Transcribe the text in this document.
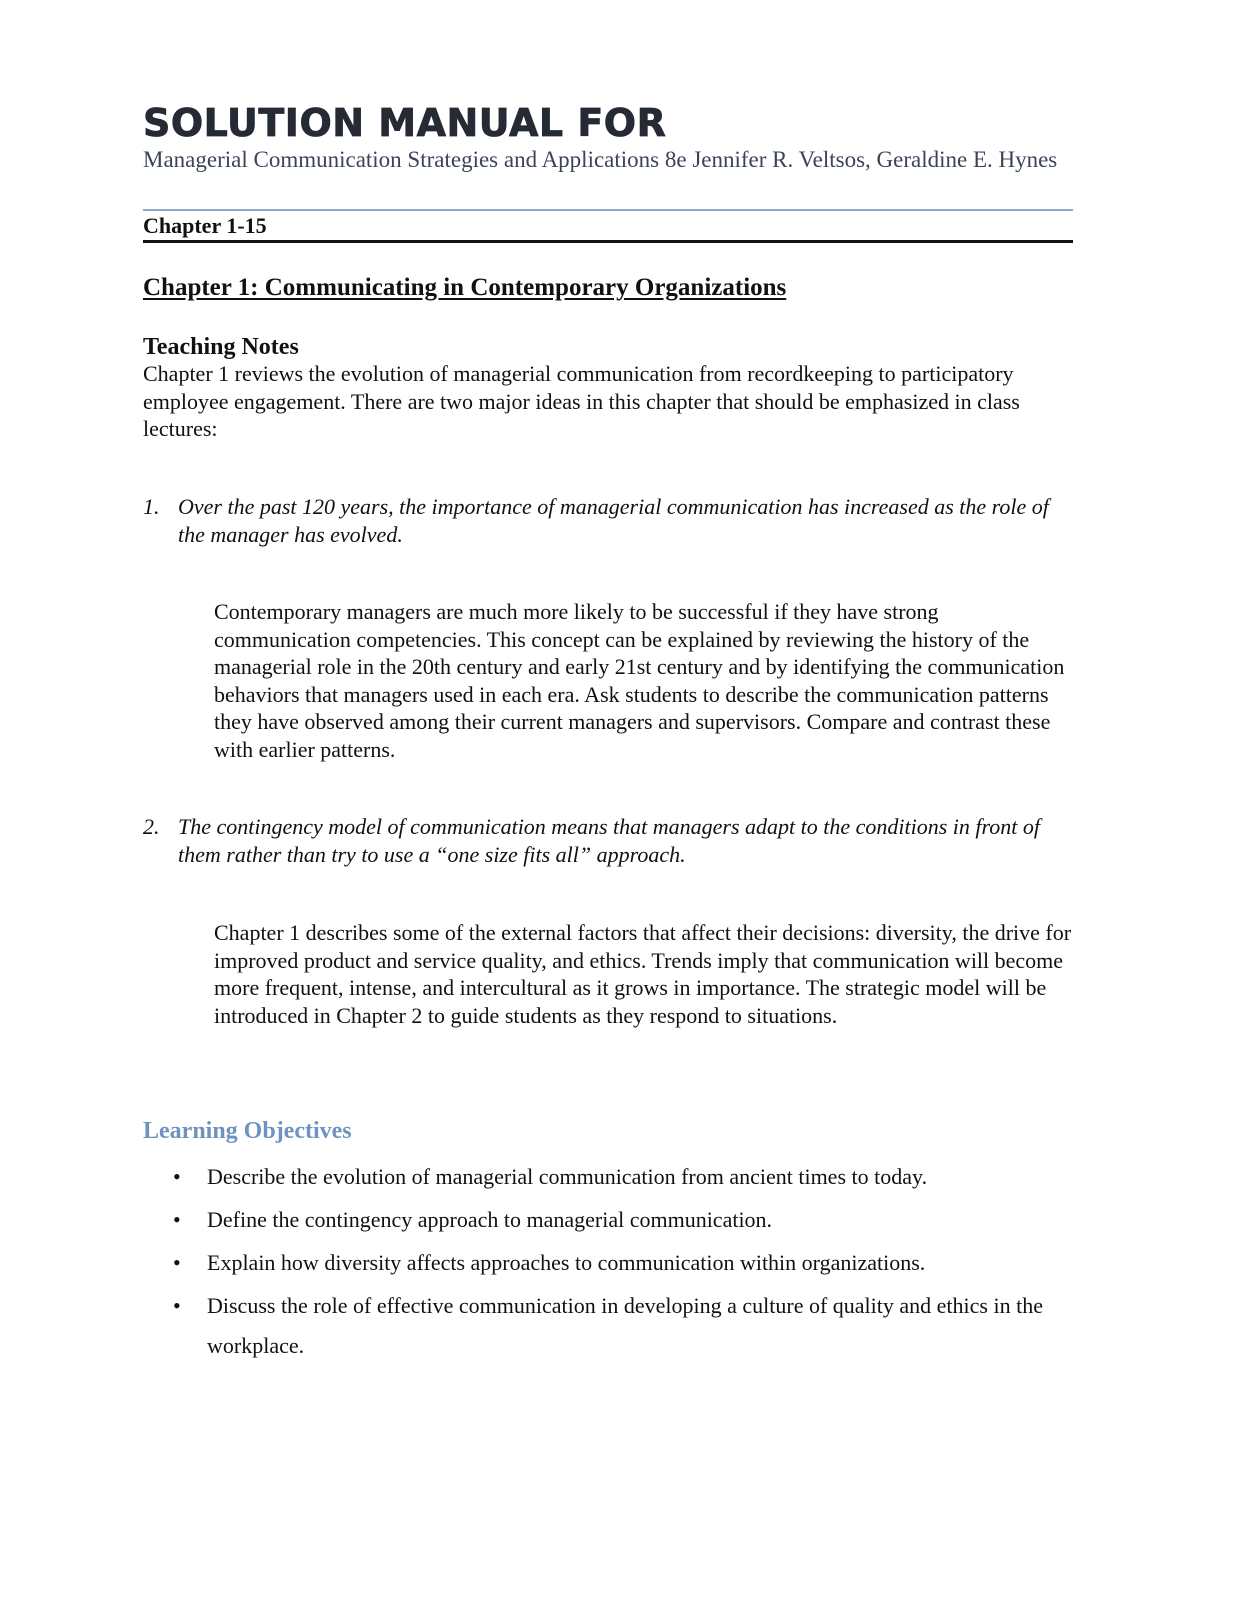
SOLUTION MANUAL FOR
Managerial Communication Strategies and Applications 8e Jennifer R. Veltsos, Geraldine E. Hynes
Chapter 1-15
Chapter 1: Communicating in Contemporary Organizations
Teaching Notes

Chapter 1 reviews the evolution of managerial communication from recordkeeping to participatory employee engagement. There are two major ideas in this chapter that should be emphasized in class lectures:

1. Over the past 120 years, the importance of managerial communication has increased as the role of the manager has evolved.

Contemporary managers are much more likely to be successful if they have strong communication competencies. This concept can be explained by reviewing the history of the managerial role in the 20th century and early 21st century and by identifying the communication behaviors that managers used in each era. Ask students to describe the communication patterns they have observed among their current managers and supervisors. Compare and contrast these with earlier patterns.

2. The contingency model of communication means that managers adapt to the conditions in front of them rather than try to use a “one size fits all” approach.

Chapter 1 describes some of the external factors that affect their decisions: diversity, the drive for improved product and service quality, and ethics. Trends imply that communication will become more frequent, intense, and intercultural as it grows in importance. The strategic model will be introduced in Chapter 2 to guide students as they respond to situations.

Learning Objectives
• Describe the evolution of managerial communication from ancient times to today.
• Define the contingency approach to managerial communication.
• Explain how diversity affects approaches to communication within organizations.
• Discuss the role of effective communication in developing a culture of quality and ethics in the workplace.
